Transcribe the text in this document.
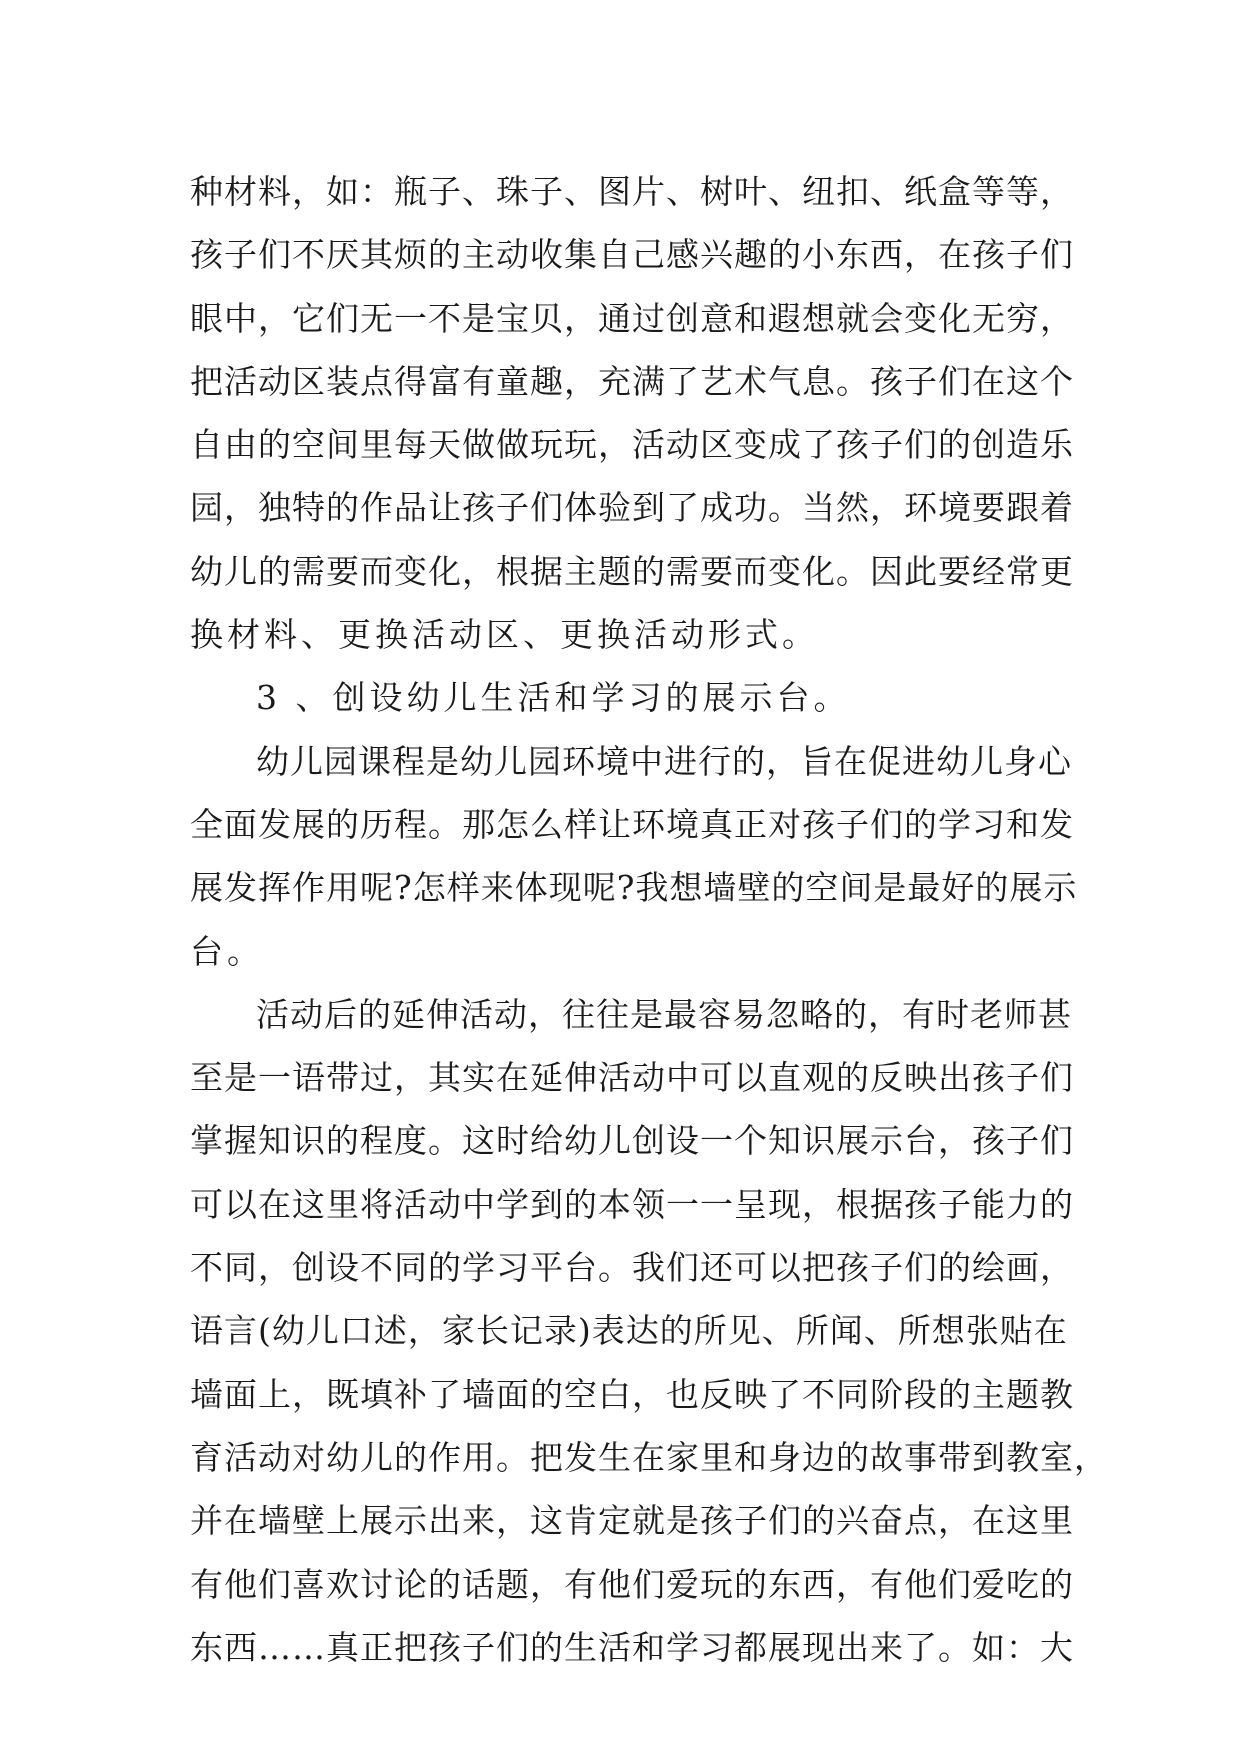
种材料，如：瓶子、珠子、图片、树叶、纽扣、纸盒等等，
孩子们不厌其烦的主动收集自己感兴趣的小东西，在孩子们
眼中，它们无一不是宝贝，通过创意和遐想就会变化无穷，
把活动区装点得富有童趣，充满了艺术气息。孩子们在这个
自由的空间里每天做做玩玩，活动区变成了孩子们的创造乐
园，独特的作品让孩子们体验到了成功。当然，环境要跟着
幼儿的需要而变化，根据主题的需要而变化。因此要经常更
换材料、更换活动区、更换活动形式。
3 、创设幼儿生活和学习的展示台。
幼儿园课程是幼儿园环境中进行的，旨在促进幼儿身心
全面发展的历程。那怎么样让环境真正对孩子们的学习和发
展发挥作用呢?怎样来体现呢?我想墙壁的空间是最好的展示
台。
活动后的延伸活动，往往是最容易忽略的，有时老师甚
至是一语带过，其实在延伸活动中可以直观的反映出孩子们
掌握知识的程度。这时给幼儿创设一个知识展示台，孩子们
可以在这里将活动中学到的本领一一呈现，根据孩子能力的
不同，创设不同的学习平台。我们还可以把孩子们的绘画，
语言(幼儿口述，家长记录)表达的所见、所闻、所想张贴在
墙面上，既填补了墙面的空白，也反映了不同阶段的主题教
育活动对幼儿的作用。把发生在家里和身边的故事带到教室，
并在墙壁上展示出来，这肯定就是孩子们的兴奋点，在这里
有他们喜欢讨论的话题，有他们爱玩的东西，有他们爱吃的
东西……真正把孩子们的生活和学习都展现出来了。如：大
